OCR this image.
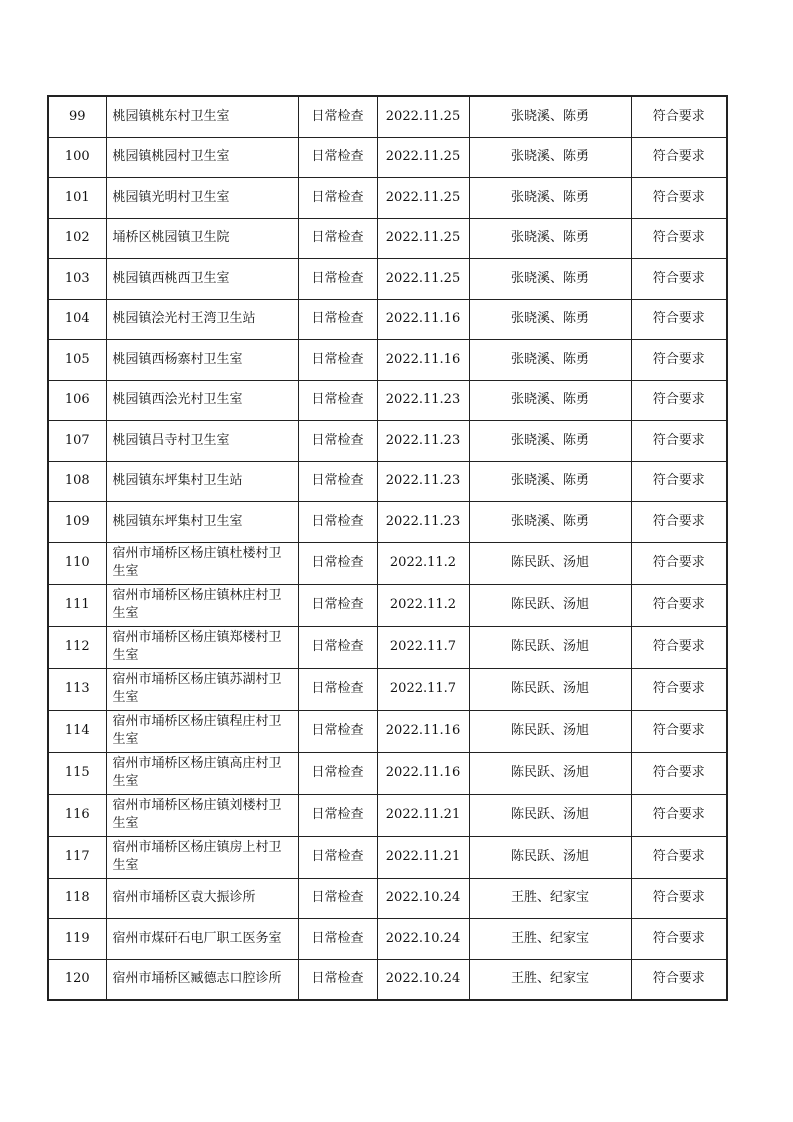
99	桃园镇桃东村卫生室	日常检查	2022.11.25	张晓溪、陈勇	符合要求
100	桃园镇桃园村卫生室	日常检查	2022.11.25	张晓溪、陈勇	符合要求
101	桃园镇光明村卫生室	日常检查	2022.11.25	张晓溪、陈勇	符合要求
102	埇桥区桃园镇卫生院	日常检查	2022.11.25	张晓溪、陈勇	符合要求
103	桃园镇西桃西卫生室	日常检查	2022.11.25	张晓溪、陈勇	符合要求
104	桃园镇浍光村王湾卫生站	日常检查	2022.11.16	张晓溪、陈勇	符合要求
105	桃园镇西杨寨村卫生室	日常检查	2022.11.16	张晓溪、陈勇	符合要求
106	桃园镇西浍光村卫生室	日常检查	2022.11.23	张晓溪、陈勇	符合要求
107	桃园镇吕寺村卫生室	日常检查	2022.11.23	张晓溪、陈勇	符合要求
108	桃园镇东坪集村卫生站	日常检查	2022.11.23	张晓溪、陈勇	符合要求
109	桃园镇东坪集村卫生室	日常检查	2022.11.23	张晓溪、陈勇	符合要求
110	宿州市埇桥区杨庄镇杜楼村卫生室	日常检查	2022.11.2	陈民跃、汤旭	符合要求
111	宿州市埇桥区杨庄镇林庄村卫生室	日常检查	2022.11.2	陈民跃、汤旭	符合要求
112	宿州市埇桥区杨庄镇郑楼村卫生室	日常检查	2022.11.7	陈民跃、汤旭	符合要求
113	宿州市埇桥区杨庄镇苏湖村卫生室	日常检查	2022.11.7	陈民跃、汤旭	符合要求
114	宿州市埇桥区杨庄镇程庄村卫生室	日常检查	2022.11.16	陈民跃、汤旭	符合要求
115	宿州市埇桥区杨庄镇高庄村卫生室	日常检查	2022.11.16	陈民跃、汤旭	符合要求
116	宿州市埇桥区杨庄镇刘楼村卫生室	日常检查	2022.11.21	陈民跃、汤旭	符合要求
117	宿州市埇桥区杨庄镇房上村卫生室	日常检查	2022.11.21	陈民跃、汤旭	符合要求
118	宿州市埇桥区袁大振诊所	日常检查	2022.10.24	王胜、纪家宝	符合要求
119	宿州市煤矸石电厂职工医务室	日常检查	2022.10.24	王胜、纪家宝	符合要求
120	宿州市埇桥区臧德志口腔诊所	日常检查	2022.10.24	王胜、纪家宝	符合要求
